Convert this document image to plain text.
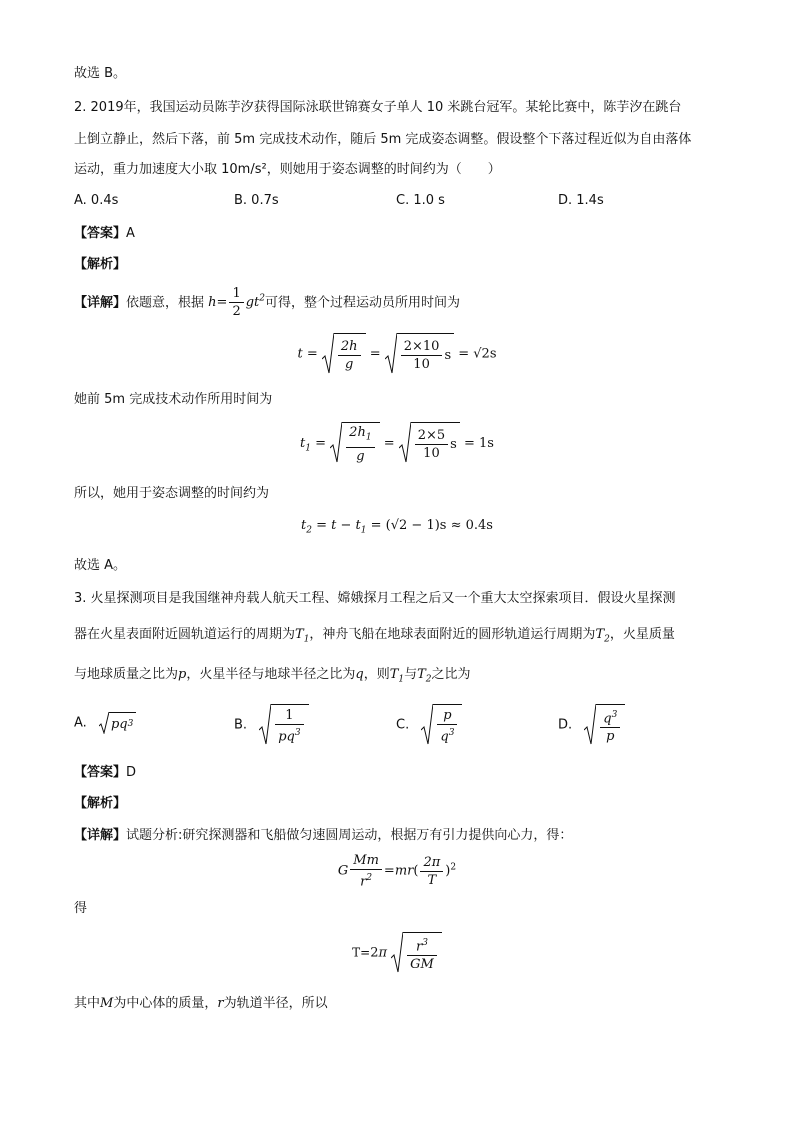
故选 B。
2. 2019年，我国运动员陈芋汐获得国际泳联世锦赛女子单人 10 米跳台冠军。某轮比赛中，陈芋汐在跳台
上倒立静止，然后下落，前 5m 完成技术动作，随后 5m 完成姿态调整。假设整个下落过程近似为自由落体
运动，重力加速度大小取 10m/s²，则她用于姿态调整的时间约为（　　）
A. 0.4s	B. 0.7s	C. 1.0 s	D. 1.4s
【答案】A
【解析】
【详解】依题意，根据 $h= \frac{1}{2} gt^2$可得，整个过程运动员所用时间为
$t = \frac{2h}{g} = \frac{2\times 10}{10}$ s = √2s
她前 5m 完成技术动作所用时间为
$t_1 = \frac{2h_1}{g} = \frac{2\times 5}{10}$ s = 1s
所以，她用于姿态调整的时间约为
$t_2 = t - t_1 = (√2 - 1)s \approx 0.4s$
故选 A。
3. 火星探测项目是我国继神舟载人航天工程、嫦娥探月工程之后又一个重大太空探索项目．假设火星探测
器在火星表面附近圆轨道运行的周期为$T_1$，神舟飞船在地球表面附近的圆形轨道运行周期为$T_2$，火星质量
与地球质量之比为p，火星半径与地球半径之比为q，则$T_1$与$T_2$之比为
A. pq 3	B. $\frac{1}{pq^3}$	C. $\frac{p}{q^3}$	D. $\frac{q^3}{p}$
【答案】D
【解析】
【详解】试题分析:研究探测器和飞船做匀速圆周运动，根据万有引力提供向心力，得：
G $\frac{Mm}{r^2} =mr( \frac{2\pi}{T} )^2$
得
$T=2\pi \frac{r^3}{GM}$
其中M为中心体的质量，r为轨道半径，所以
